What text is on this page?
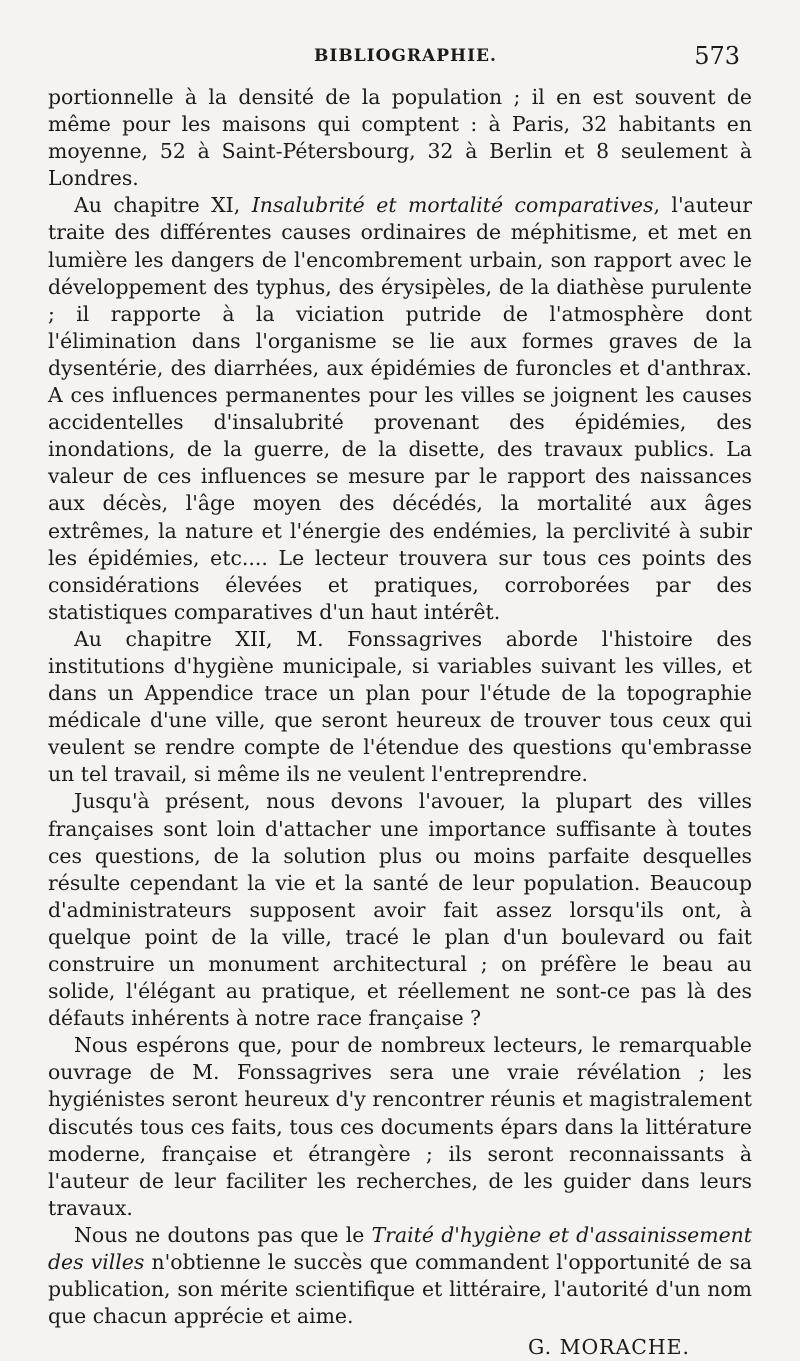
BIBLIOGRAPHIE.	573

portionnelle à la densité de la population ; il en est souvent de même pour les maisons qui comptent : à Paris, 32 habitants en moyenne, 52 à Saint-Pétersbourg, 32 à Berlin et 8 seulement à Londres.

Au chapitre XI, Insalubrité et mortalité comparatives, l'auteur traite des différentes causes ordinaires de méphitisme, et met en lumière les dangers de l'encombrement urbain, son rapport avec le développement des typhus, des érysipèles, de la diathèse purulente ; il rapporte à la viciation putride de l'atmosphère dont l'élimination dans l'organisme se lie aux formes graves de la dysentérie, des diarrhées, aux épidémies de furoncles et d'anthrax. A ces influences permanentes pour les villes se joignent les causes accidentelles d'insalubrité provenant des épidémies, des inondations, de la guerre, de la disette, des travaux publics. La valeur de ces influences se mesure par le rapport des naissances aux décès, l'âge moyen des décédés, la mortalité aux âges extrêmes, la nature et l'énergie des endémies, la perclivité à subir les épidémies, etc.... Le lecteur trouvera sur tous ces points des considérations élevées et pratiques, corroborées par des statistiques comparatives d'un haut intérêt.

Au chapitre XII, M. Fonssagrives aborde l'histoire des institutions d'hygiène municipale, si variables suivant les villes, et dans un Appendice trace un plan pour l'étude de la topographie médicale d'une ville, que seront heureux de trouver tous ceux qui veulent se rendre compte de l'étendue des questions qu'embrasse un tel travail, si même ils ne veulent l'entreprendre.

Jusqu'à présent, nous devons l'avouer, la plupart des villes françaises sont loin d'attacher une importance suffisante à toutes ces questions, de la solution plus ou moins parfaite desquelles résulte cependant la vie et la santé de leur population. Beaucoup d'administrateurs supposent avoir fait assez lorsqu'ils ont, à quelque point de la ville, tracé le plan d'un boulevard ou fait construire un monument architectural ; on préfère le beau au solide, l'élégant au pratique, et réellement ne sont-ce pas là des défauts inhérents à notre race française ?

Nous espérons que, pour de nombreux lecteurs, le remarquable ouvrage de M. Fonssagrives sera une vraie révélation ; les hygiénistes seront heureux d'y rencontrer réunis et magistralement discutés tous ces faits, tous ces documents épars dans la littérature moderne, française et étrangère ; ils seront reconnaissants à l'auteur de leur faciliter les recherches, de les guider dans leurs travaux.

Nous ne doutons pas que le Traité d'hygiène et d'assainissement des villes n'obtienne le succès que commandent l'opportunité de sa publication, son mérite scientifique et littéraire, l'autorité d'un nom que chacun apprécie et aime.

G. MORACHE.
